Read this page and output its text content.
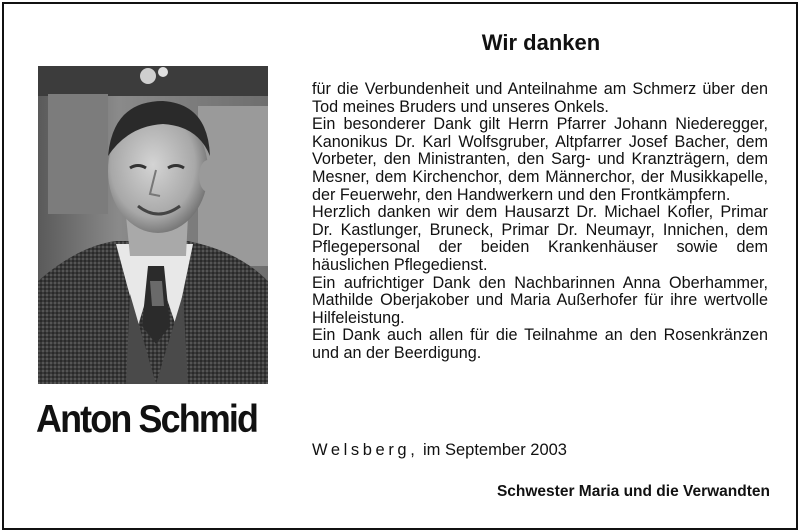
Anton Schmid
Wir danken

für die Verbundenheit und Anteilnahme am Schmerz über den Tod meines Bruders und unseres Onkels.

Ein besonderer Dank gilt Herrn Pfarrer Johann Niederegger, Kanonikus Dr. Karl Wolfsgruber, Altpfarrer Josef Bacher, dem Vorbeter, den Ministranten, den Sarg- und Kranzträgern, dem Mesner, dem Kirchenchor, dem Männerchor, der Musikkapelle, der Feuerwehr, den Handwerkern und den Frontkämpfern.

Herzlich danken wir dem Hausarzt Dr. Michael Kofler, Primar Dr. Kastlunger, Bruneck, Primar Dr. Neumayr, Innichen, dem Pflegepersonal der beiden Krankenhäuser sowie dem häuslichen Pflegedienst.

Ein aufrichtiger Dank den Nachbarinnen Anna Oberhammer, Mathilde Oberjakober und Maria Außerhofer für ihre wertvolle Hilfeleistung.

Ein Dank auch allen für die Teilnahme an den Rosenkränzen und an der Beerdigung.

Welsberg, im September 2003
Schwester Maria und die Verwandten
